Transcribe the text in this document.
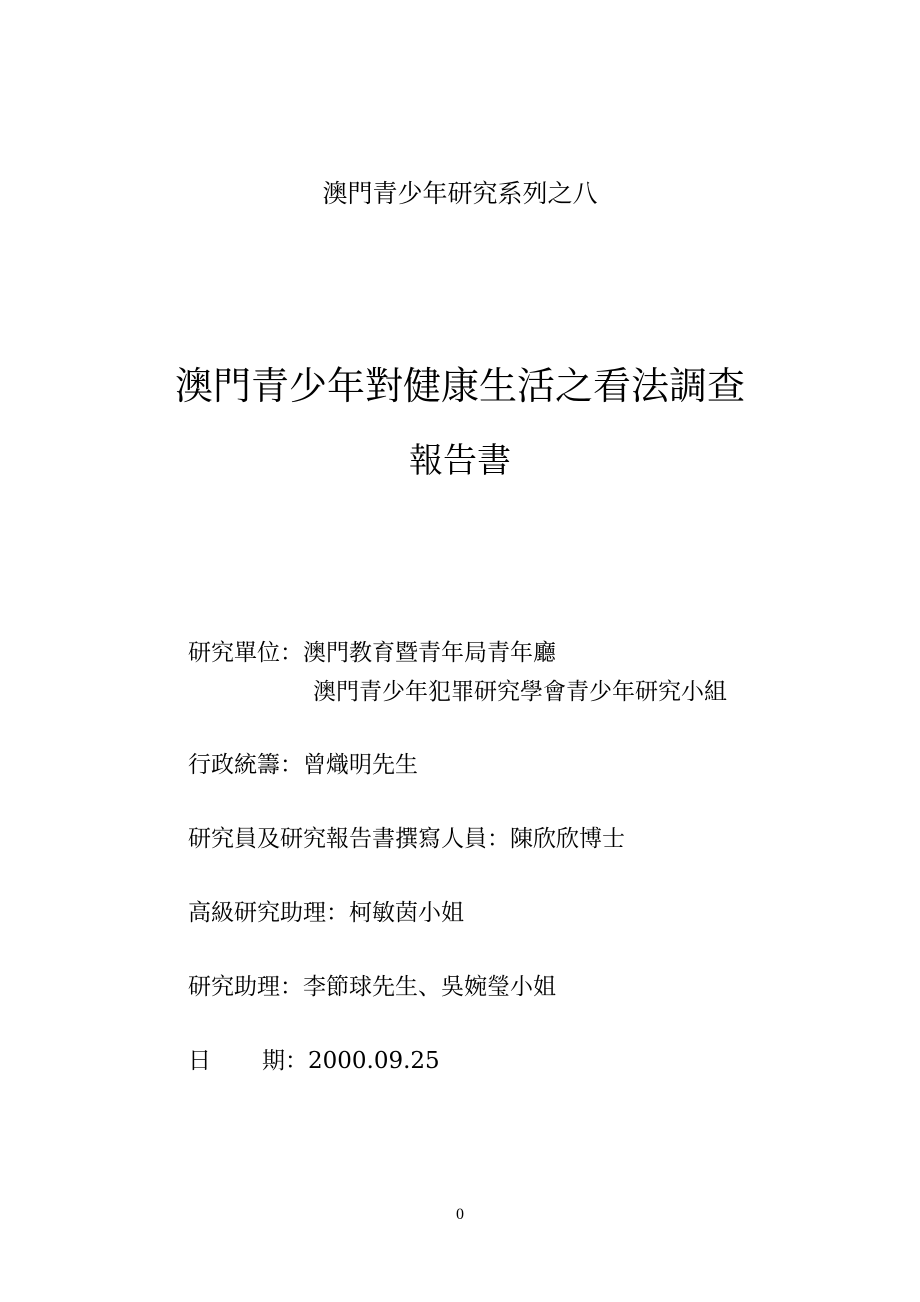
澳門青少年研究系列之八
澳門青少年對健康生活之看法調查
報告書
研究單位：澳門教育暨青年局青年廳
澳門青少年犯罪研究學會青少年研究小組
行政統籌：曾熾明先生
研究員及研究報告書撰寫人員：陳欣欣博士
高級研究助理：柯敏茵小姐
研究助理：李節球先生、吳婉瑩小姐
日 期：2000.09.25
0
